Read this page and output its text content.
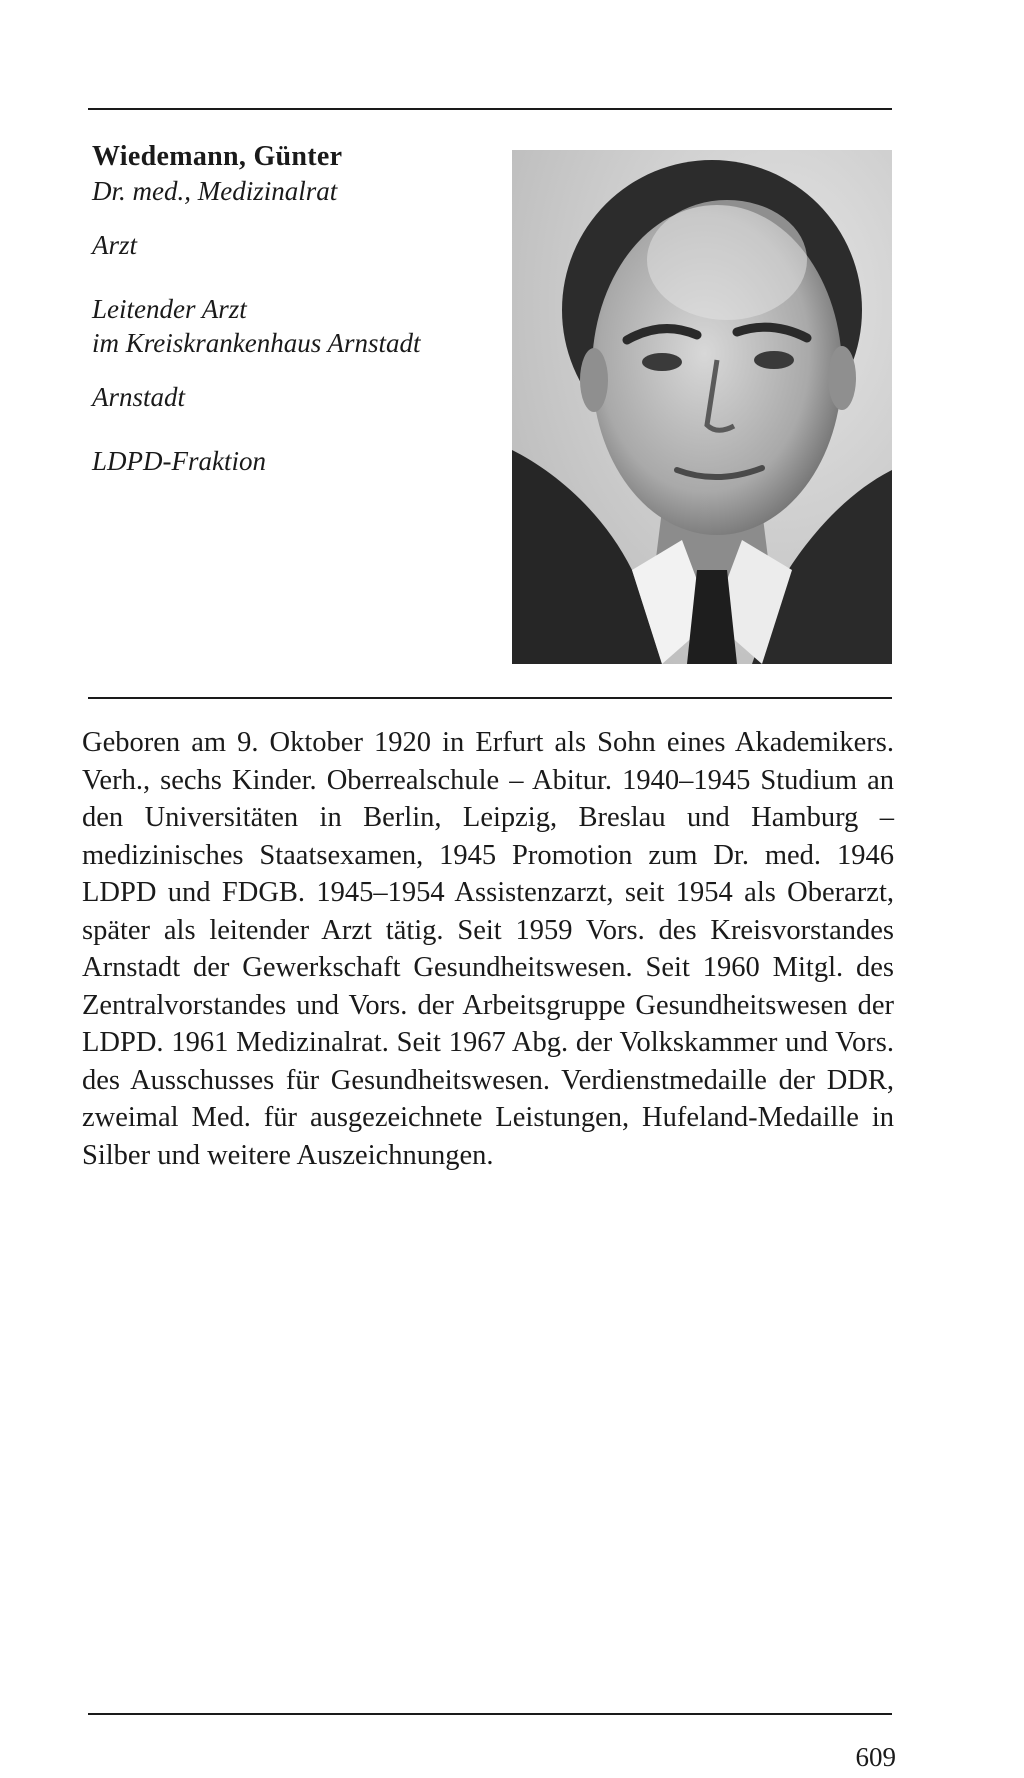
Wiedemann, Günter

Dr. med., Medizinalrat

Arzt

Leitender Arzt

im Kreiskrankenhaus Arnstadt

Arnstadt

LDPD-Fraktion

Geboren am 9. Oktober 1920 in Erfurt als Sohn eines Akademikers. Verh., sechs Kinder. Oberrealschule – Abitur. 1940–1945 Studium an den Universitäten in Berlin, Leipzig, Breslau und Hamburg – medizinisches Staatsexamen, 1945 Promotion zum Dr. med. 1946 LDPD und FDGB. 1945–1954 Assistenzarzt, seit 1954 als Oberarzt, später als leitender Arzt tätig. Seit 1959 Vors. des Kreisvorstandes Arnstadt der Gewerkschaft Gesundheitswesen. Seit 1960 Mitgl. des Zentralvorstandes und Vors. der Arbeitsgruppe Gesundheitswesen der LDPD. 1961 Medizinalrat. Seit 1967 Abg. der Volkskammer und Vors. des Ausschusses für Gesundheitswesen. Verdienstmedaille der DDR, zweimal Med. für ausgezeichnete Leistungen, Hufeland-Medaille in Silber und weitere Auszeichnungen.

609
